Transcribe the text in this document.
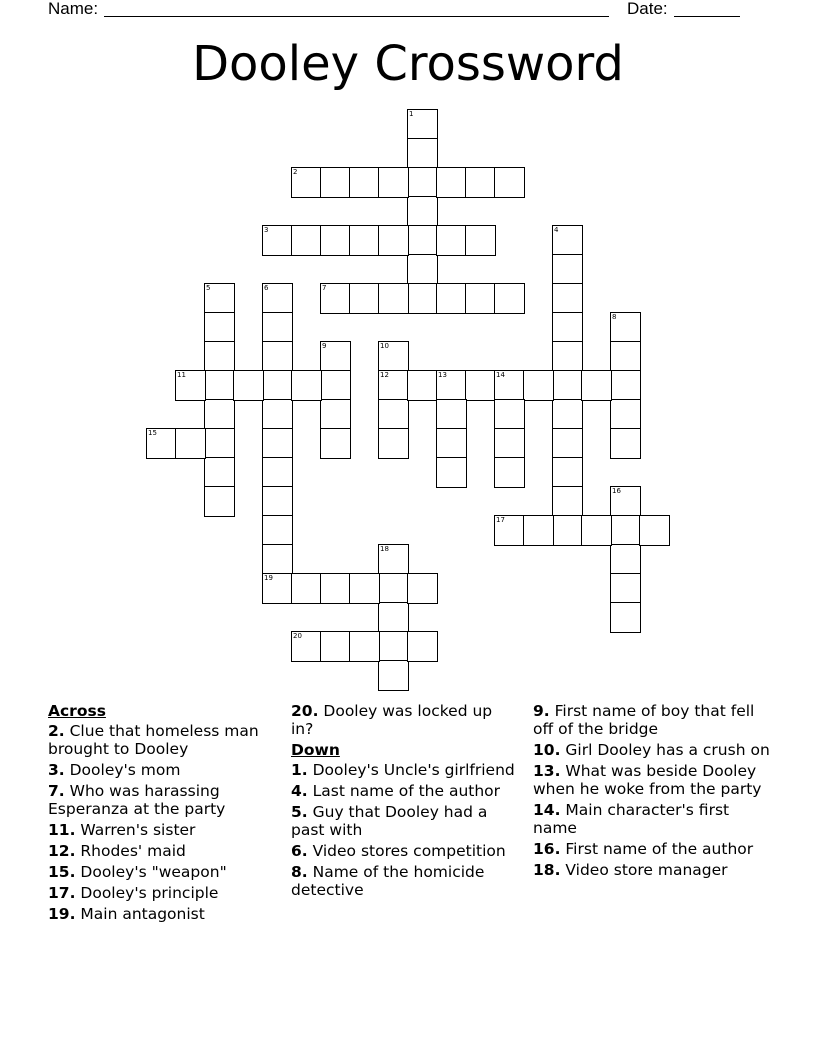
Name:	Date:
Dooley Crossword
1
2
3	4
5	6
19
7
8
9	10
12
11	13	14
15
16
17
18
20
Across
2. Clue that homeless man brought to Dooley
3. Dooley's mom
7. Who was harassing Esperanza at the party
11. Warren's sister
12. Rhodes' maid
15. Dooley's "weapon"
17. Dooley's principle
19. Main antagonist
20. Dooley was locked up in?
Down
1. Dooley's Uncle's girlfriend
4. Last name of the author
5. Guy that Dooley had a past with
6. Video stores competition
8. Name of the homicide detective
9. First name of boy that fell off of the bridge
10. Girl Dooley has a crush on
13. What was beside Dooley when he woke from the party
14. Main character's first name
16. First name of the author
18. Video store manager
